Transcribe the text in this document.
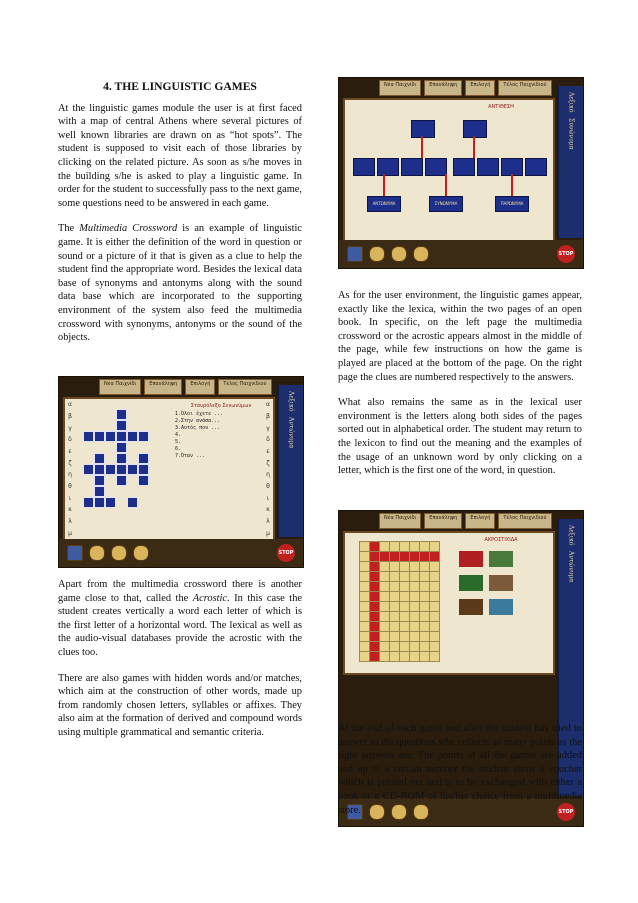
4. THE LINGUISTIC GAMES

At the linguistic games module the user is at first faced with a map of central Athens where several pictures of well known libraries are drawn on as “hot spots”. The student is supposed to visit each of those libraries by clicking on the related picture. As soon as s/he moves in the building s/he is asked to play a linguistic game. In order for the student to successfully pass to the next game, some questions need to be answered in each game.

The Multimedia Crossword is an example of linguistic game. It is either the definition of the word in question or sound or a picture of it that is given as a clue to help the student find the appropriate word. Besides the lexical data base of synonyms and antonyms along with the sound data base which are incorporated to the supporting environment of the system also feed the multimedia crossword with synonyms, antonyms or the sound of the objects.

Νέα Παιχνίδι	Επανάληψη	Επιλογή	Τέλος Παιχνιδιού
α
β
γ
δ
ε
ζ
η
θ
ι
κ
λ
μ
Σταυρόλεξο Συνωνύμων
1.Όλοι έχετε ...
2.Στην ανάσα...
3.Αυτός που ...
4.
5.
6.
7.Όταν ...
α
β
γ
δ
ε
ζ
η
θ
ι
κ
λ
μ
Λεξικό
Αντώνυμα
STOP

Apart from the multimedia crossword there is another game close to that, called the Acrostic. In this case the student creates vertically a word each letter of which is the first letter of a horizontal word. The lexical as well as the audio-visual databases provide the acrostic with the clues too.

There are also games with hidden words and/or matches, which aim at the construction of other words, made up from randomly chosen letters, syllables or affixes. They also aim at the formation of derived and compound words using multiple grammatical and semantic criteria.

Νέα Παιχνίδι	Επανάληψη	Επιλογή	Τέλος Παιχνιδιού
ΑΝΤΙΘΕΣΗ
ΑΝΤΩΝΥΜΑ	ΣΥΝΩΝΥΜΑ	ΠΑΡΩΝΥΜΑ
Λεξικό
Συνώνυμα
STOP

As for the user environment, the linguistic games appear, exactly like the lexica, within the two pages of an open book. In specific, on the left page the multimedia crossword or the acrostic appears almost in the middle of the page, while few instructions on how the game is played are placed at the bottom of the page. On the right page the clues are numbered respectively to the answers.

What also remains the same as in the lexical user environment is the letters along both sides of the pages sorted out in alphabetical order. The student may return to the lexicon to find out the meaning and the examples of the usage of an unknown word by only clicking on a letter, which is the first one of the word, in question.

Νέα Παιχνίδι	Επανάληψη	Επιλογή	Τέλος Παιχνιδιού
ΑΚΡΟΣΤΙΧΙΔΑ	Λεξικό
Αντώνυμα
STOP

At the end of each game and after the student has tried to answer to the questions s/he collects as many points as the right answers are. The points of all the games are added and up to a certain number the student earns a voucher which is printed out and is to be exchanged with either a book or a CD-ROM of his/her choice from a multimedia store.
